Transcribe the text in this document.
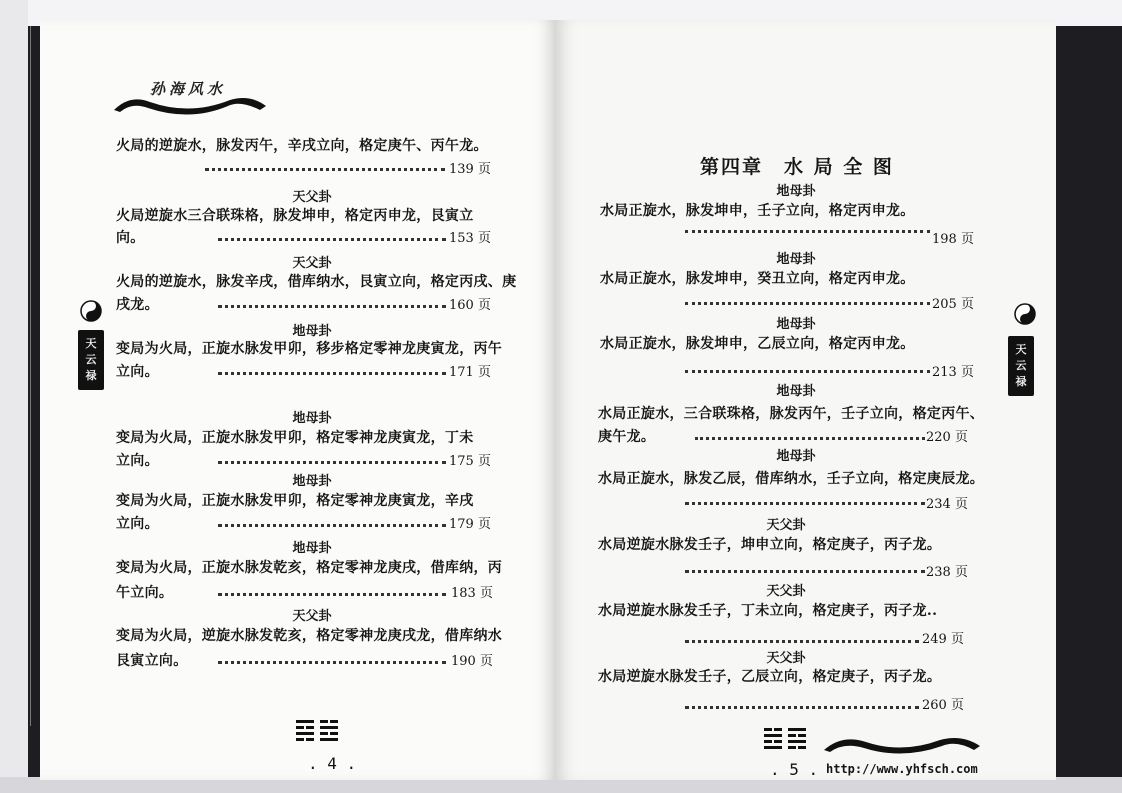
孙海风水
火局的逆旋水，脉发丙午，辛戌立向，格定庚午、丙午龙。
139 页
天父卦
火局逆旋水三合联珠格，脉发坤申，格定丙申龙，艮寅立
向。	153 页
天父卦
火局的逆旋水，脉发辛戌，借库纳水，艮寅立向，格定丙戌、庚
戌龙。	160 页
地母卦
变局为火局，正旋水脉发甲卯，移步格定零神龙庚寅龙，丙午
立向。	171 页
地母卦
变局为火局，正旋水脉发甲卯，格定零神龙庚寅龙，丁未
立向。	175 页
地母卦
变局为火局，正旋水脉发甲卯，格定零神龙庚寅龙，辛戌
立向。	179 页
地母卦
变局为火局，正旋水脉发乾亥，格定零神龙庚戌，借库纳，丙
午立向。	183 页
天父卦
变局为火局，逆旋水脉发乾亥，格定零神龙庚戌龙，借库纳水
艮寅立向。	190 页
天
云
禄
. 4 .
第四章　水 局 全 图
地母卦
水局正旋水，脉发坤申，壬子立向，格定丙申龙。
198 页
地母卦
水局正旋水，脉发坤申，癸丑立向，格定丙申龙。
205 页
地母卦
水局正旋水，脉发坤申，乙辰立向，格定丙申龙。
213 页
地母卦
水局正旋水，三合联珠格，脉发丙午，壬子立向，格定丙午、
庚午龙。	220 页
地母卦
水局正旋水，脉发乙辰，借库纳水，壬子立向，格定庚辰龙。
234 页
天父卦
水局逆旋水脉发壬子，坤申立向，格定庚子，丙子龙。
238 页
天父卦
水局逆旋水脉发壬子，丁未立向，格定庚子，丙子龙..
249 页
天父卦
水局逆旋水脉发壬子，乙辰立向，格定庚子，丙子龙。
260 页
天
云
禄
. 5 . http://www.yhfsch.com
